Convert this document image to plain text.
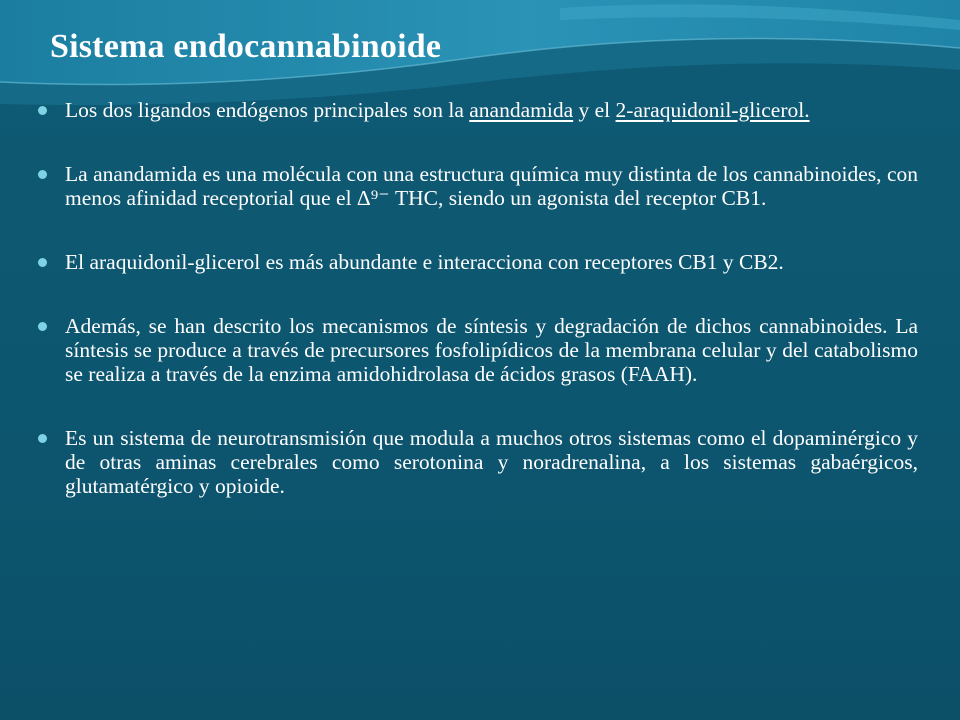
Sistema endocannabinoide
Los dos ligandos endógenos principales son la anandamida y el 2-araquidonil-glicerol.
La anandamida es una molécula con una estructura química muy distinta de los cannabinoides, con menos afinidad receptorial que el Δ⁹⁻ THC, siendo un agonista del receptor CB1.
El araquidonil-glicerol es más abundante e interacciona con receptores CB1 y CB2.
Además, se han descrito los mecanismos de síntesis y degradación de dichos cannabinoides. La síntesis se produce a través de precursores fosfolipídicos de la membrana celular y del catabolismo se realiza a través de la enzima amidohidrolasa de ácidos grasos (FAAH).
Es un sistema de neurotransmisión que modula a muchos otros sistemas como el dopaminérgico y de otras aminas cerebrales como serotonina y noradrenalina, a los sistemas gabaérgicos, glutamatérgico y opioide.
